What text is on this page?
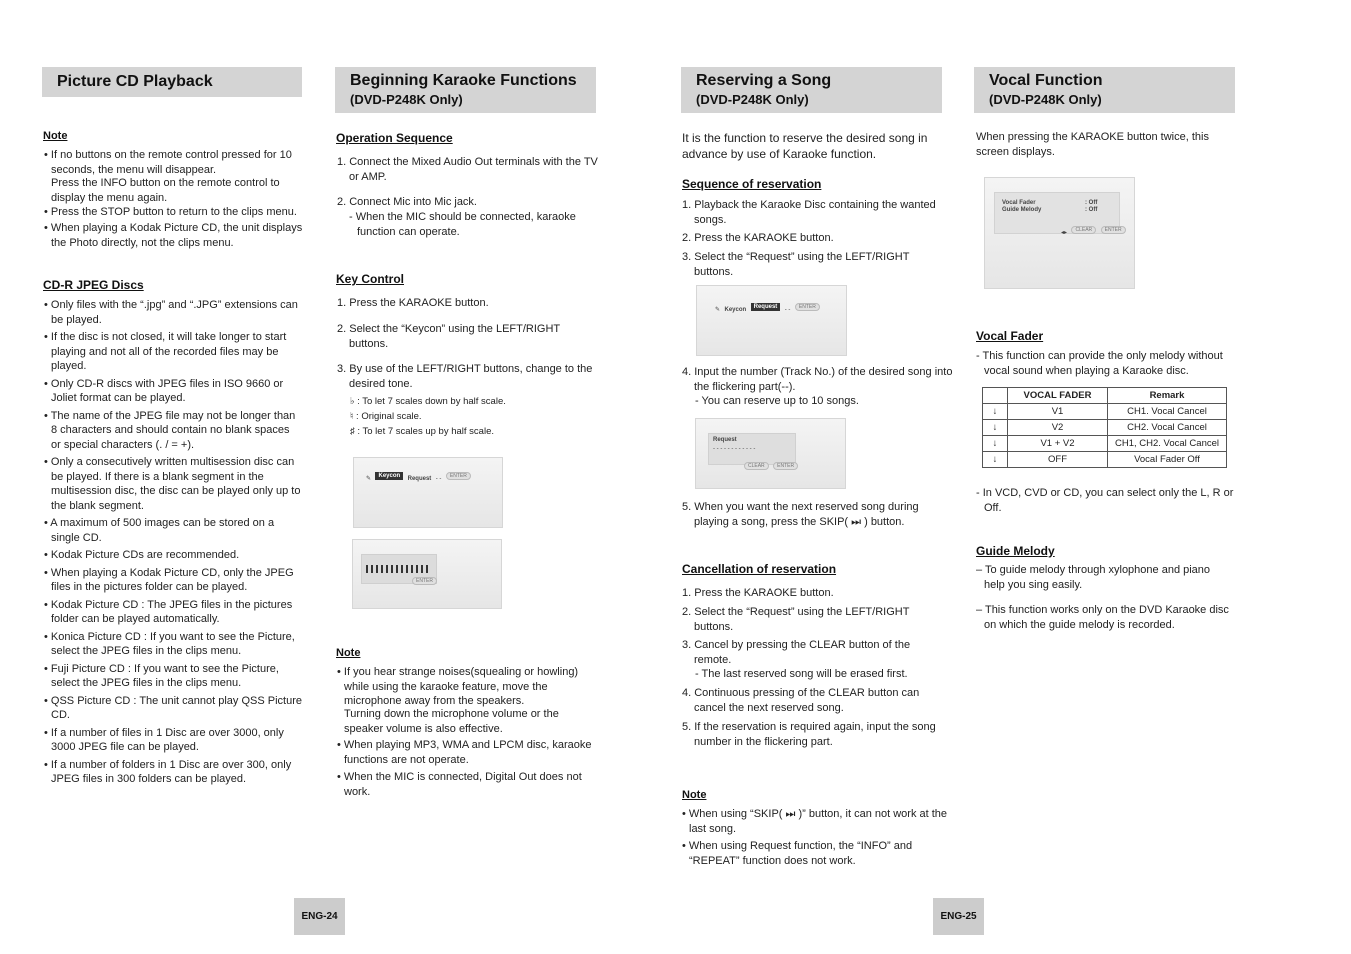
Picture CD Playback
Note
• If no buttons on the remote control pressed for 10 seconds, the menu will disappear.
Press the INFO button on the remote control to display the menu again.
• Press the STOP button to return to the clips menu.
• When playing a Kodak Picture CD, the unit displays the Photo directly, not the clips menu.
CD-R JPEG Discs
• Only files with the “.jpg” and “.JPG” extensions can be played.
• If the disc is not closed, it will take longer to start playing and not all of the recorded files may be played.
• Only CD-R discs with JPEG files in ISO 9660 or Joliet format can be played.
• The name of the JPEG file may not be longer than 8 characters and should contain no blank spaces or special characters (. / = +).
• Only a consecutively written multisession disc can be played. If there is a blank segment in the multisession disc, the disc can be played only up to the blank segment.
• A maximum of 500 images can be stored on a single CD.
• Kodak Picture CDs are recommended.
• When playing a Kodak Picture CD, only the JPEG files in the pictures folder can be played.
• Kodak Picture CD : The JPEG files in the pictures folder can be played automatically.
• Konica Picture CD : If you want to see the Picture, select the JPEG files in the clips menu.
• Fuji Picture CD : If you want to see the Picture, select the JPEG files in the clips menu.
• QSS Picture CD : The unit cannot play QSS Picture CD.
• If a number of files in 1 Disc are over 3000, only 3000 JPEG file can be played.
• If a number of folders in 1 Disc are over 300, only JPEG files in 300 folders can be played.
ENG-24
Beginning Karaoke Functions
(DVD-P248K Only)
Operation Sequence
1. Connect the Mixed Audio Out terminals with the TV or AMP.
2. Connect Mic into Mic jack.
- When the MIC should be connected, karaoke function can operate.
Key Control
1. Press the KARAOKE button.
2. Select the “Keycon” using the LEFT/RIGHT buttons.
3. By use of the LEFT/RIGHT buttons, change to the desired tone.
♭ : To let 7 scales down by half scale.
♮ : Original scale.
♯ : To let 7 scales up by half scale.
✎ Keycon Request - - ENTER
ENTER
Note
• If you hear strange noises(squealing or howling) while using the karaoke feature, move the microphone away from the speakers.
Turning down the microphone volume or the speaker volume is also effective.
• When playing MP3, WMA and LPCM disc, karaoke functions are not operate.
• When the MIC is connected, Digital Out does not work.
Reserving a Song
(DVD-P248K Only)
It is the function to reserve the desired song in advance by use of Karaoke function.
Sequence of reservation
1. Playback the Karaoke Disc containing the wanted songs.
2. Press the KARAOKE button.
3. Select the “Request” using the LEFT/RIGHT buttons.
✎ Keycon Request - - ENTER
4. Input the number (Track No.) of the desired song into the flickering part(--).
- You can reserve up to 10 songs.
Request
- - - - - - - - - - - -
CLEAR ENTER
5. When you want the next reserved song during playing a song, press the SKIP( ⏭ ) button.
Cancellation of reservation
1. Press the KARAOKE button.
2. Select the “Request” using the LEFT/RIGHT buttons.
3. Cancel by pressing the CLEAR button of the remote.
- The last reserved song will be erased first.
4. Continuous pressing of the CLEAR button can cancel the next reserved song.
5. If the reservation is required again, input the song number in the flickering part.
Note
• When using “SKIP( ⏭ )” button, it can not work at the last song.
• When using Request function, the “INFO” and “REPEAT” function does not work.
ENG-25
Vocal Function
(DVD-P248K Only)
When pressing the KARAOKE button twice, this screen displays.
Vocal Fader	: Off
Guide Melody	: Off
◂▸ CLEAR ENTER
Vocal Fader
- This function can provide the only melody without vocal sound when playing a Karaoke disc.
	VOCAL FADER	Remark
↓	V1	CH1. Vocal Cancel
↓	V2	CH2. Vocal Cancel
↓	V1 + V2	CH1, CH2. Vocal Cancel
↓	OFF	Vocal Fader Off
- In VCD, CVD or CD, you can select only the L, R or Off.
Guide Melody
– To guide melody through xylophone and piano help you sing easily.
– This function works only on the DVD Karaoke disc on which the guide melody is recorded.
